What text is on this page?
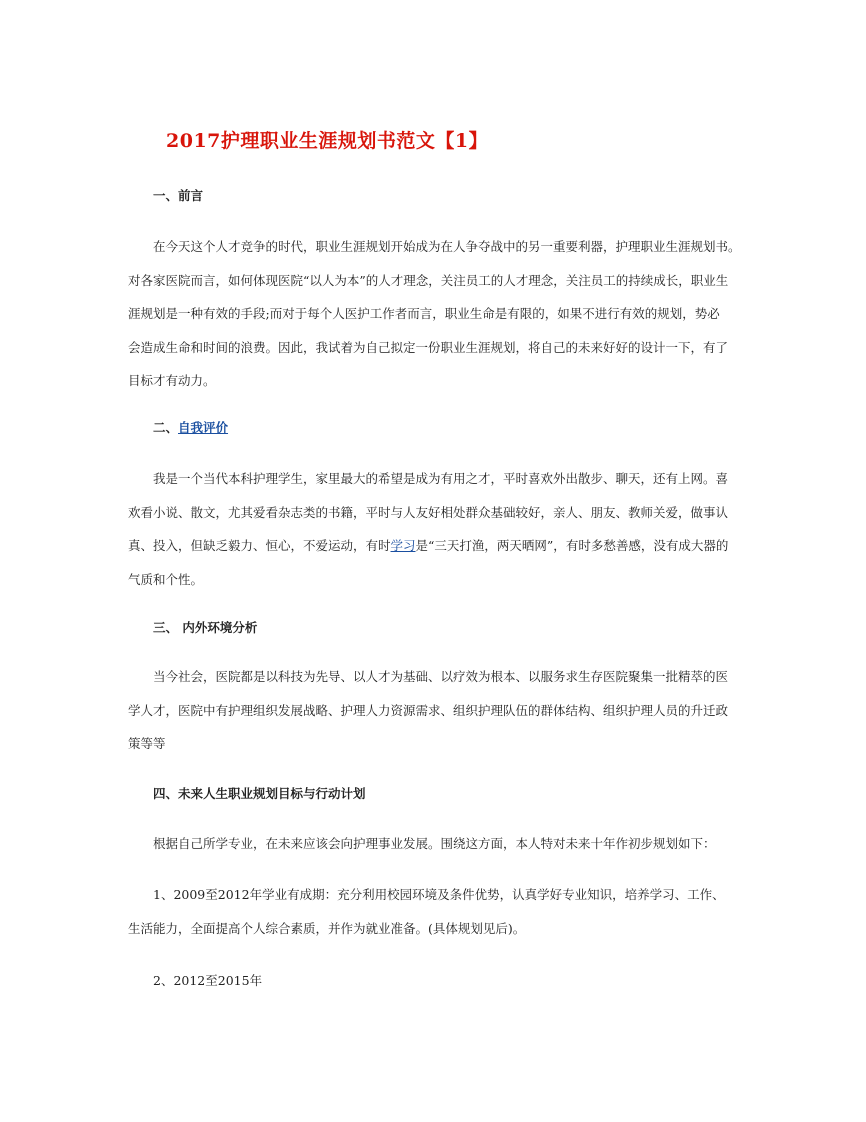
2017护理职业生涯规划书范文【1】
一、前言
在今天这个人才竞争的时代，职业生涯规划开始成为在人争夺战中的另一重要利器，护理职业生涯规划书。
对各家医院而言，如何体现医院“以人为本”的人才理念，关注员工的人才理念，关注员工的持续成长，职业生
涯规划是一种有效的手段;而对于每个人医护工作者而言，职业生命是有限的，如果不进行有效的规划，势必
会造成生命和时间的浪费。因此，我试着为自己拟定一份职业生涯规划，将自己的未来好好的设计一下，有了
目标才有动力。
二、自我评价
我是一个当代本科护理学生，家里最大的希望是成为有用之才，平时喜欢外出散步、聊天，还有上网。喜
欢看小说、散文，尤其爱看杂志类的书籍，平时与人友好相处群众基础较好，亲人、朋友、教师关爱，做事认
真、投入，但缺乏毅力、恒心，不爱运动，有时学习是“三天打渔，两天晒网”，有时多愁善感，没有成大器的
气质和个性。
三、 内外环境分析
当今社会，医院都是以科技为先导、以人才为基础、以疗效为根本、以服务求生存医院聚集一批精萃的医
学人才，医院中有护理组织发展战略、护理人力资源需求、组织护理队伍的群体结构、组织护理人员的升迁政
策等等
四、未来人生职业规划目标与行动计划
根据自己所学专业，在未来应该会向护理事业发展。围绕这方面，本人特对未来十年作初步规划如下：
1、2009至2012年学业有成期：充分利用校园环境及条件优势，认真学好专业知识，培养学习、工作、
生活能力，全面提高个人综合素质，并作为就业准备。(具体规划见后)。
2、2012至2015年
